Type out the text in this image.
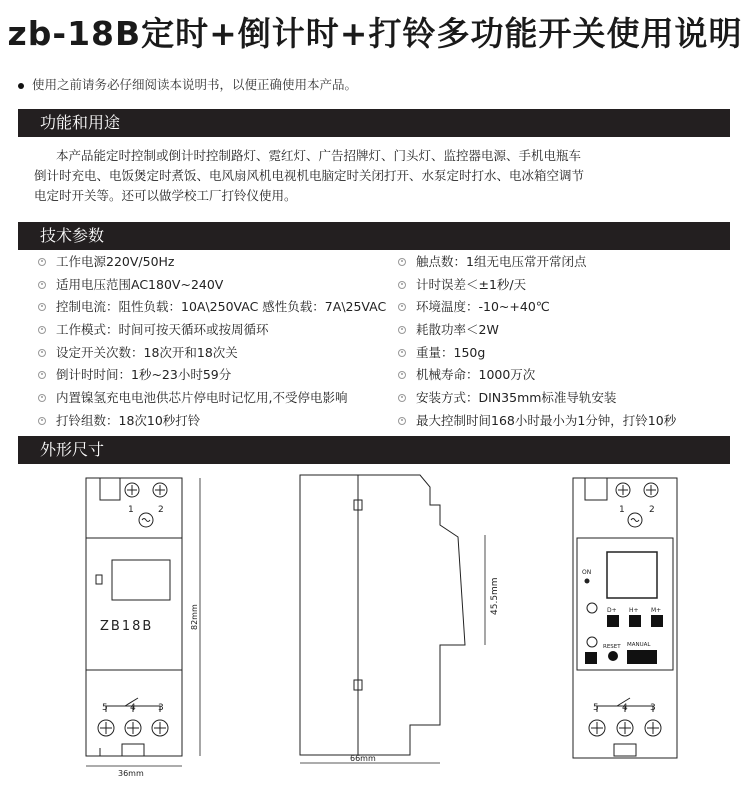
zb-18B定时+倒计时+打铃多功能开关使用说明
使用之前请务必仔细阅读本说明书，以便正确使用本产品。
功能和用途
本产品能定时控制或倒计时控制路灯、霓红灯、广告招牌灯、门头灯、监控器电源、手机电瓶车
倒计时充电、电饭煲定时煮饭、电风扇风机电视机电脑定时关闭打开、水泵定时打水、电冰箱空调节
电定时开关等。还可以做学校工厂打铃仪使用。
技术参数
工作电源220V/50Hz
适用电压范围AC180V~240V
控制电流：阻性负载：10A\250VAC 感性负载：7A\25VAC
工作模式：时间可按天循环或按周循环
设定开关次数：18次开和18次关
倒计时时间：1秒~23小时59分
内置镍氢充电电池供芯片停电时记忆用,不受停电影响
打铃组数：18次10秒打铃
触点数：1组无电压常开常闭点
计时误差＜±1秒/天
环境温度：-10~+40℃
耗散功率＜2W
重量：150g
机械寿命：1000万次
安装方式：DIN35mm标准导轨安装
最大控制时间168小时最小为1分钟，打铃10秒
外形尺寸
1	2
ZB18B
5 4 3
36mm
82mm
66mm
45.5mm
ON
D+ H+ M+
RESET MANUAL
1	2
5	4 3
